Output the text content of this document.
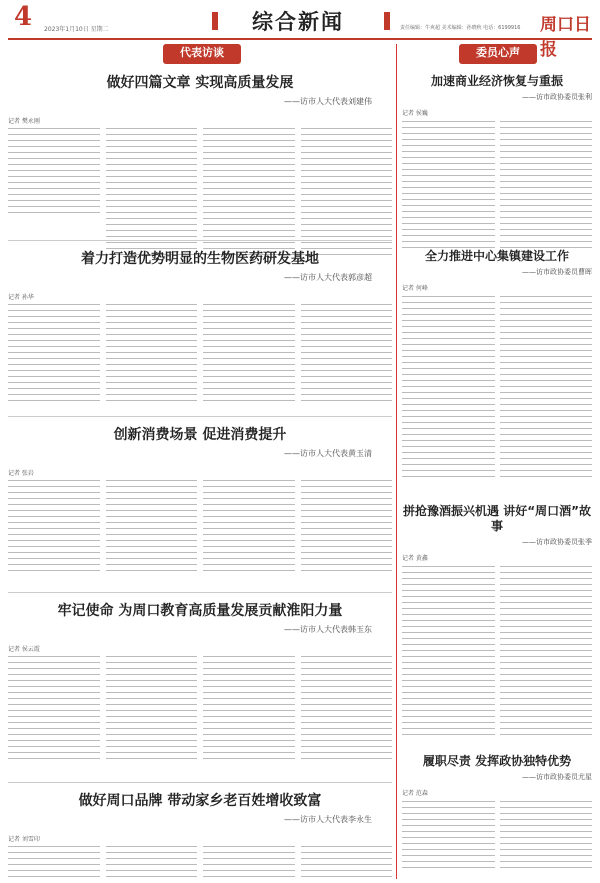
4 2023年1月10日 星期二	综合新闻	责任编辑：牛爽超 美术编辑：孙晓秋 电话：6199916 周口日报
代表访谈
做好四篇文章 实现高质量发展
——访市人大代表刘建伟
记者 樊永刚
着力打造优势明显的生物医药研发基地
——访市人大代表郭彦超
记者 孙华
创新消费场景 促进消费提升
——访市人大代表黄玉清
记者 张岩
牢记使命 为周口教育高质量发展贡献淮阳力量
——访市人大代表韩玉东
记者 侯云霞
做好周口品牌 带动家乡老百姓增收致富
——访市人大代表李永生
记者 刘雪印
委员心声
加速商业经济恢复与重振
——访市政协委员张利
记者 侯巍
全力推进中心集镇建设工作
——访市政协委员曹晖
记者 何峰
拼抢豫酒振兴机遇 讲好“周口酒”故事
——访市政协委员张季
记者 黄鑫
履职尽责 发挥政协独特优势
——访市政协委员尤星
记者 范森
